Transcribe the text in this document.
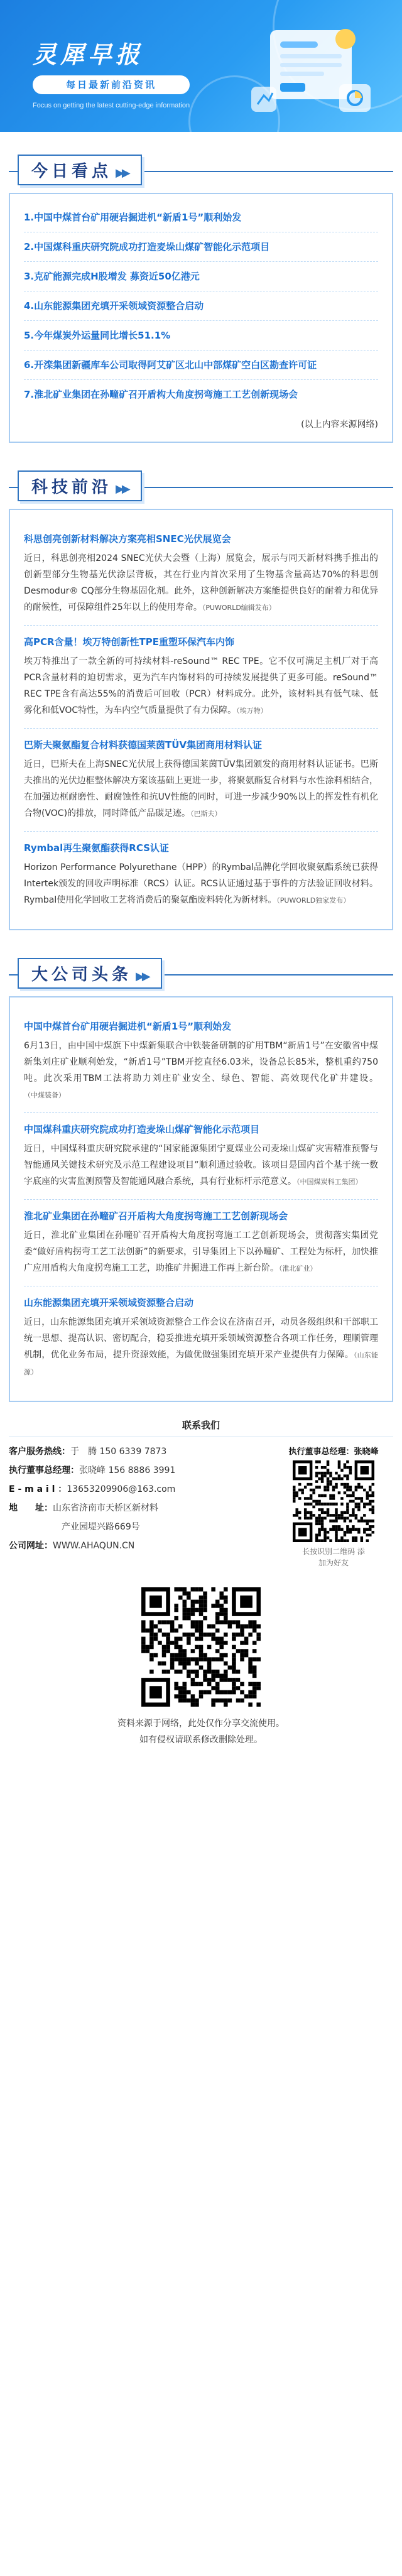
灵犀早报
每日最新前沿资讯
Focus on getting the latest cutting-edge information
今日看点 ▶▶
1.中国中煤首台矿用硬岩掘进机“新盾1号”顺利始发
2.中国煤科重庆研究院成功打造麦垛山煤矿智能化示范项目
3.克矿能源完成H股增发 募资近50亿港元
4.山东能源集团充填开采领域资源整合启动
5.今年煤炭外运量同比增长51.1%
6.开滦集团新疆库车公司取得阿艾矿区北山中部煤矿空白区勘查许可证
7.淮北矿业集团在孙疃矿召开盾构大角度拐弯施工工艺创新现场会
(以上内容来源网络)
科技前沿 ▶▶
科思创亮创新材料解决方案亮相SNEC光伏展览会
近日，科思创亮相2024 SNEC光伏大会暨（上海）展览会，展示与同天新材料携手推出的创新型部分生物基光伏涂层背板，其在行业内首次采用了生物基含量高达70%的科思创Desmodur® CQ部分生物基固化剂。此外，这种创新解决方案能提供良好的耐着力和优异的耐候性，可保障组件25年以上的使用寿命。（PUWORLD编辑发布）
高PCR含量！埃万特创新性TPE重塑环保汽车内饰
埃万特推出了一款全新的可持续材料-reSound™ REC TPE。它不仅可满足主机厂对于高PCR含量材料的迫切需求，更为汽车内饰材料的可持续发展提供了更多可能。reSound™ REC TPE含有高达55%的消费后可回收（PCR）材料成分。此外，该材料具有低气味、低雾化和低VOC特性，为车内空气质量提供了有力保障。（埃万特）
巴斯夫聚氨酯复合材料获德国莱茵TÜV集团商用材料认证
近日，巴斯夫在上海SNEC光伏展上获得德国莱茵TÜV集团颁发的商用材料认证证书。巴斯夫推出的光伏边框整体解决方案该基础上更进一步，将聚氨酯复合材料与水性涂料相结合，在加强边框耐磨性、耐腐蚀性和抗UV性能的同时，可进一步减少90%以上的挥发性有机化合物(VOC)的排放，同时降低产品碳足迹。（巴斯夫）
Rymbal再生聚氨酯获得RCS认证
Horizon Performance Polyurethane（HPP）的Rymbal品牌化学回收聚氨酯系统已获得Intertek颁发的回收声明标准（RCS）认证。RCS认证通过基于事件的方法验证回收材料。Rymbal使用化学回收工艺将消费后的聚氨酯废料转化为新材料。（PUWORLD独家发布）
大公司头条 ▶▶
中国中煤首台矿用硬岩掘进机“新盾1号”顺利始发
6月13日，由中国中煤旗下中煤新集联合中铁装备研制的矿用TBM“新盾1号”在安徽省中煤新集刘庄矿业顺利始发，“新盾1号”TBM开挖直径6.03米，设备总长85米，整机重约750吨。此次采用TBM工法将助力刘庄矿业安全、绿色、智能、高效现代化矿井建设。（中煤装备）
中国煤科重庆研究院成功打造麦垛山煤矿智能化示范项目
近日，中国煤科重庆研究院承建的“国家能源集团宁夏煤业公司麦垛山煤矿灾害精准预警与智能通风关键技术研究及示范工程建设项目”顺利通过验收。该项目是国内首个基于统一数字底座的灾害监测预警及智能通风融合系统，具有行业标杆示范意义。（中国煤炭科工集团）
淮北矿业集团在孙疃矿召开盾构大角度拐弯施工工艺创新现场会
近日，淮北矿业集团在孙疃矿召开盾构大角度拐弯施工工艺创新现场会，贯彻落实集团党委“做好盾构拐弯工艺工法创新”的新要求，引导集团上下以孙疃矿、工程处为标杆，加快推广应用盾构大角度拐弯施工工艺，助推矿井掘进工作再上新台阶。（淮北矿业）
山东能源集团充填开采领域资源整合启动
近日，山东能源集团充填开采领域资源整合工作会议在济南召开，动员各级组织和干部职工统一思想、提高认识、密切配合，稳妥推进充填开采领域资源整合各项工作任务，理顺管理机制，优化业务布局，提升资源效能，为做优做强集团充填开采产业提供有力保障。（山东能源）
联系我们
客户服务热线：于　腾 150 6339 7873
执行董事总经理：张晓峰 156 8886 3991
E - m a i l ：13653209906@163.com
地　　址：山东省济南市天桥区新材料
产业园堤兴路669号
公司网址：WWW.AHAQUN.CN
执行董事总经理：张晓峰
长按识别二维码 添加为好友
资料来源于网络，此处仅作分享交流使用。
如有侵权请联系修改删除处理。
